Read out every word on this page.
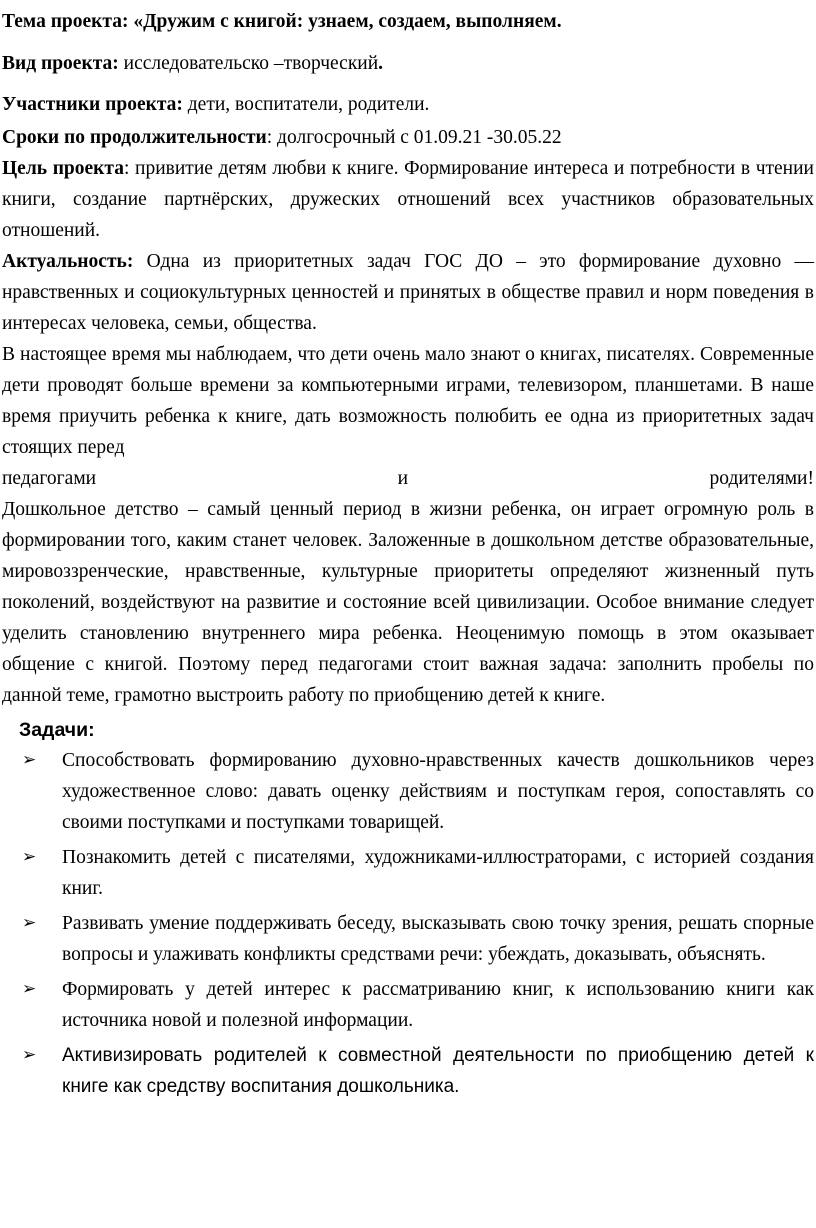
Тема проекта: «Дружим с книгой: узнаем, создаем, выполняем.

Вид проекта: исследовательско –творческий.

Участники проекта: дети, воспитатели, родители.

Сроки по продолжительности: долгосрочный с 01.09.21 -30.05.22

Цель проекта: привитие детям любви к книге. Формирование интереса и потребности в чтении книги, создание партнёрских, дружеских отношений всех участников образовательных отношений.

Актуальность: Одна из приоритетных задач ГОС ДО – это формирование духовно — нравственных и социокультурных ценностей и принятых в обществе правил и норм поведения в интересах человека, семьи, общества.

В настоящее время мы наблюдаем, что дети очень мало знают о книгах, писателях. Современные дети проводят больше времени за компьютерными играми, телевизором, планшетами. В наше время приучить ребенка к книге, дать возможность полюбить ее одна из приоритетных задач стоящих перед

педагогами	и	родителями!

Дошкольное детство – самый ценный период в жизни ребенка, он играет огромную роль в формировании того, каким станет человек. Заложенные в дошкольном детстве образовательные, мировоззренческие, нравственные, культурные приоритеты определяют жизненный путь поколений, воздействуют на развитие и состояние всей цивилизации. Особое внимание следует уделить становлению внутреннего мира ребенка. Неоценимую помощь в этом оказывает общение с книгой. Поэтому перед педагогами стоит важная задача: заполнить пробелы по данной теме, грамотно выстроить работу по приобщению детей к книге.

Задачи:
➢ Способствовать формированию духовно-нравственных качеств дошкольников через художественное слово: давать оценку действиям и поступкам героя, сопоставлять со своими поступками и поступками товарищей.
➢ Познакомить детей с писателями, художниками-иллюстраторами, с историей создания книг.
➢ Развивать умение поддерживать беседу, высказывать свою точку зрения, решать спорные вопросы и улаживать конфликты средствами речи: убеждать, доказывать, объяснять.
➢ Формировать у детей интерес к рассматриванию книг, к использованию книги как источника новой и полезной информации.
➢ Активизировать родителей к совместной деятельности по приобщению детей к книге как средству воспитания дошкольника.
